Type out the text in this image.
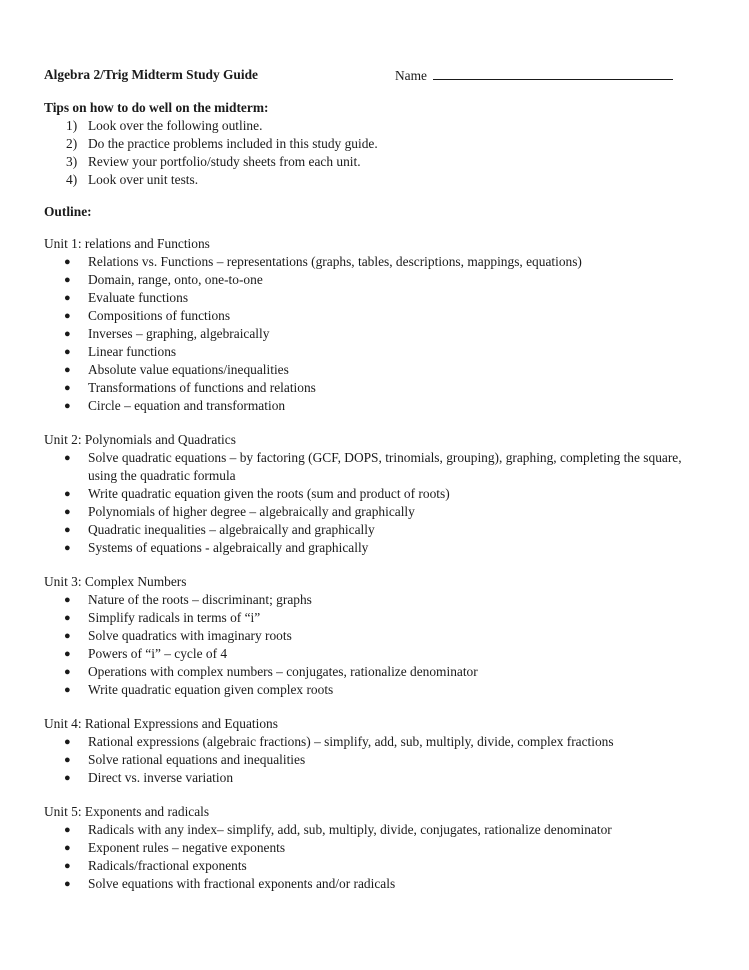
Algebra 2/Trig Midterm Study Guide	Name
Tips on how to do well on the midterm:
1) Look over the following outline.
2) Do the practice problems included in this study guide.
3) Review your portfolio/study sheets from each unit.
4) Look over unit tests.
Outline:
Unit 1: relations and Functions
● Relations vs. Functions – representations (graphs, tables, descriptions, mappings, equations)
● Domain, range, onto, one-to-one
● Evaluate functions
● Compositions of functions
● Inverses – graphing, algebraically
● Linear functions
● Absolute value equations/inequalities
● Transformations of functions and relations
● Circle – equation and transformation
Unit 2: Polynomials and Quadratics
● Solve quadratic equations – by factoring (GCF, DOPS, trinomials, grouping), graphing, completing the square, using the quadratic formula
● Write quadratic equation given the roots (sum and product of roots)
● Polynomials of higher degree – algebraically and graphically
● Quadratic inequalities – algebraically and graphically
● Systems of equations - algebraically and graphically
Unit 3: Complex Numbers
● Nature of the roots – discriminant; graphs
● Simplify radicals in terms of “i”
● Solve quadratics with imaginary roots
● Powers of “i” – cycle of 4
● Operations with complex numbers – conjugates, rationalize denominator
● Write quadratic equation given complex roots
Unit 4: Rational Expressions and Equations
● Rational expressions (algebraic fractions) – simplify, add, sub, multiply, divide, complex fractions
● Solve rational equations and inequalities
● Direct vs. inverse variation
Unit 5: Exponents and radicals
● Radicals with any index– simplify, add, sub, multiply, divide, conjugates, rationalize denominator
● Exponent rules – negative exponents
● Radicals/fractional exponents
● Solve equations with fractional exponents and/or radicals
